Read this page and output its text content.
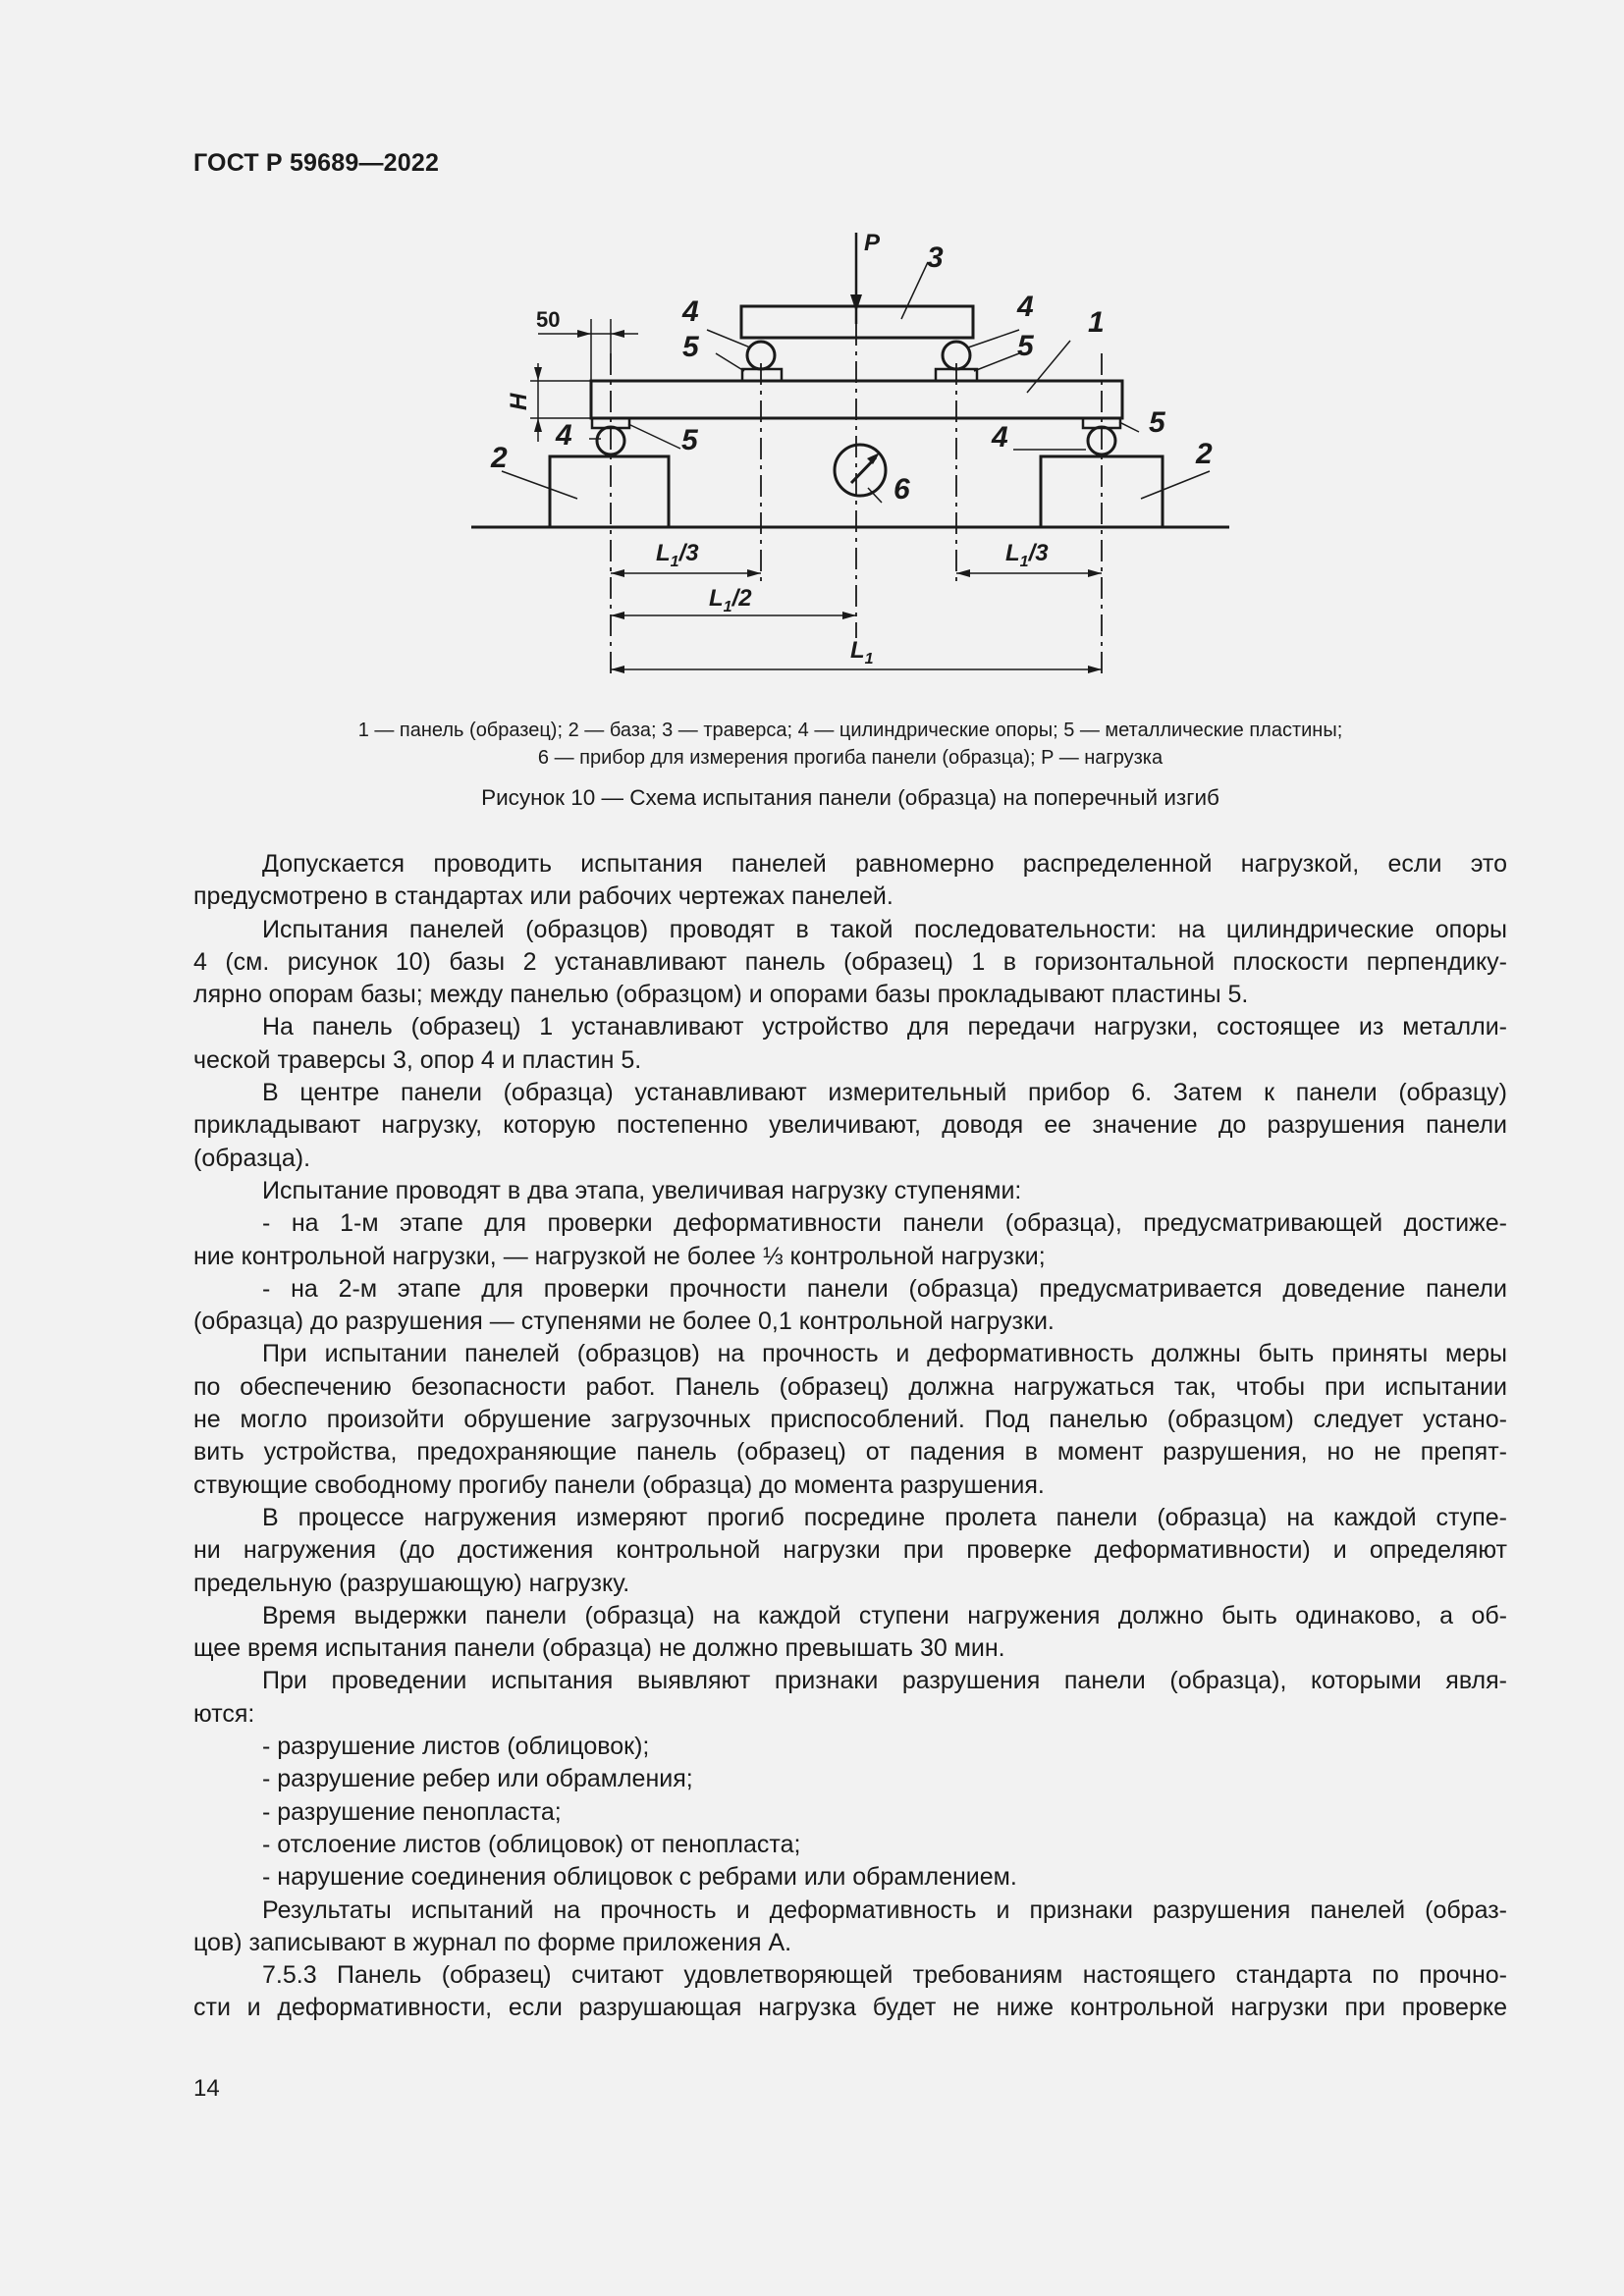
ГОСТ Р 59689—2022
P 3
1
4
5
4
5
50
H
4	5	4	5
2	2
6
$L_1/3$	$L_1/3$
$L_1/2$
$L_1$
1 — панель (образец); 2 — база; 3 — траверса; 4 — цилиндрические опоры; 5 — металлические пластины;
6 — прибор для измерения прогиба панели (образца); P — нагрузка
Рисунок 10 — Схема испытания панели (образца) на поперечный изгиб
Допускается проводить испытания панелей равномерно распределенной нагрузкой, если это
предусмотрено в стандартах или рабочих чертежах панелей.
Испытания панелей (образцов) проводят в такой последовательности: на цилиндрические опоры
4 (см. рисунок 10) базы 2 устанавливают панель (образец) 1 в горизонтальной плоскости перпендику-
лярно опорам базы; между панелью (образцом) и опорами базы прокладывают пластины 5.
На панель (образец) 1 устанавливают устройство для передачи нагрузки, состоящее из металли-
ческой траверсы 3, опор 4 и пластин 5.
В центре панели (образца) устанавливают измерительный прибор 6. Затем к панели (образцу)
прикладывают нагрузку, которую постепенно увеличивают, доводя ее значение до разрушения панели
(образца).
Испытание проводят в два этапа, увеличивая нагрузку ступенями:
- на 1-м этапе для проверки деформативности панели (образца), предусматривающей достиже-
ние контрольной нагрузки, — нагрузкой не более ⅓ контрольной нагрузки;
- на 2-м этапе для проверки прочности панели (образца) предусматривается доведение панели
(образца) до разрушения — ступенями не более 0,1 контрольной нагрузки.
При испытании панелей (образцов) на прочность и деформативность должны быть приняты меры
по обеспечению безопасности работ. Панель (образец) должна нагружаться так, чтобы при испытании
не могло произойти обрушение загрузочных приспособлений. Под панелью (образцом) следует устано-
вить устройства, предохраняющие панель (образец) от падения в момент разрушения, но не препят-
ствующие свободному прогибу панели (образца) до момента разрушения.
В процессе нагружения измеряют прогиб посредине пролета панели (образца) на каждой ступе-
ни нагружения (до достижения контрольной нагрузки при проверке деформативности) и определяют
предельную (разрушающую) нагрузку.
Время выдержки панели (образца) на каждой ступени нагружения должно быть одинаково, а об-
щее время испытания панели (образца) не должно превышать 30 мин.
При проведении испытания выявляют признаки разрушения панели (образца), которыми явля-
ются:
- разрушение листов (облицовок);
- разрушение ребер или обрамления;
- разрушение пенопласта;
- отслоение листов (облицовок) от пенопласта;
- нарушение соединения облицовок с ребрами или обрамлением.
Результаты испытаний на прочность и деформативность и признаки разрушения панелей (образ-
цов) записывают в журнал по форме приложения А.
7.5.3 Панель (образец) считают удовлетворяющей требованиям настоящего стандарта по прочно-
сти и деформативности, если разрушающая нагрузка будет не ниже контрольной нагрузки при проверке
14
